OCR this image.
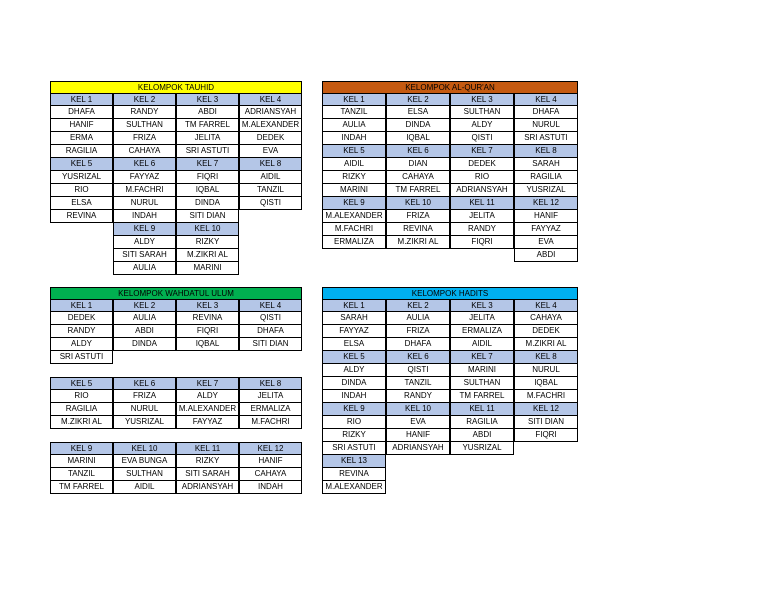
KELOMPOK TAUHID
KEL 1	KEL 2	KEL 3	KEL 4
DHAFA	RANDY	ABDI	ADRIANSYAH
HANIF	SULTHAN	TM FARREL	M.ALEXANDER
ERMA	FRIZA	JELITA	DEDEK
RAGILIA	CAHAYA	SRI ASTUTI	EVA
KEL 5	KEL 6	KEL 7	KEL 8
YUSRIZAL	FAYYAZ	FIQRI	AIDIL
RIO	M.FACHRI	IQBAL	TANZIL
ELSA	NURUL	DINDA	QISTI
REVINA	INDAH	SITI DIAN
KEL 9	KEL 10
ALDY	RIZKY
SITI SARAH	M.ZIKRI AL
AULIA	MARINI
KELOMPOK AL-QUR'AN
KEL 1	KEL 2	KEL 3	KEL 4
TANZIL	ELSA	SULTHAN	DHAFA
AULIA	DINDA	ALDY	NURUL
INDAH	IQBAL	QISTI	SRI ASTUTI
KEL 5	KEL 6	KEL 7	KEL 8
AIDIL	DIAN	DEDEK	SARAH
RIZKY	CAHAYA	RIO	RAGILIA
MARINI	TM FARREL	ADRIANSYAH	YUSRIZAL
KEL 9	KEL 10	KEL 11	KEL 12
M.ALEXANDER	FRIZA	JELITA	HANIF
M.FACHRI	REVINA	RANDY	FAYYAZ
ERMALIZA	M.ZIKRI AL	FIQRI	EVA
ABDI
KELOMPOK WAHDATUL ULUM
KEL 1	KEL 2	KEL 3	KEL 4
DEDEK	AULIA	REVINA	QISTI
RANDY	ABDI	FIQRI	DHAFA
ALDY	DINDA	IQBAL	SITI DIAN
SRI ASTUTI
KEL 5	KEL 6	KEL 7	KEL 8
RIO	FRIZA	ALDY	JELITA
RAGILIA	NURUL	M.ALEXANDER	ERMALIZA
M.ZIKRI AL	YUSRIZAL	FAYYAZ	M.FACHRI
KEL 9	KEL 10	KEL 11	KEL 12
MARINI	EVA BUNGA	RIZKY	HANIF
TANZIL	SULTHAN	SITI SARAH	CAHAYA
TM FARREL	AIDIL	ADRIANSYAH	INDAH
KELOMPOK HADITS
KEL 1	KEL 2	KEL 3	KEL 4
SARAH	AULIA	JELITA	CAHAYA
FAYYAZ	FRIZA	ERMALIZA	DEDEK
ELSA	DHAFA	AIDIL	M.ZIKRI AL
KEL 5	KEL 6	KEL 7	KEL 8
ALDY	QISTI	MARINI	NURUL
DINDA	TANZIL	SULTHAN	IQBAL
INDAH	RANDY	TM FARREL	M.FACHRI
KEL 9	KEL 10	KEL 11	KEL 12
RIO	EVA	RAGILIA	SITI DIAN
RIZKY	HANIF	ABDI	FIQRI
SRI ASTUTI	ADRIANSYAH	YUSRIZAL
KEL 13
REVINA
M.ALEXANDER
